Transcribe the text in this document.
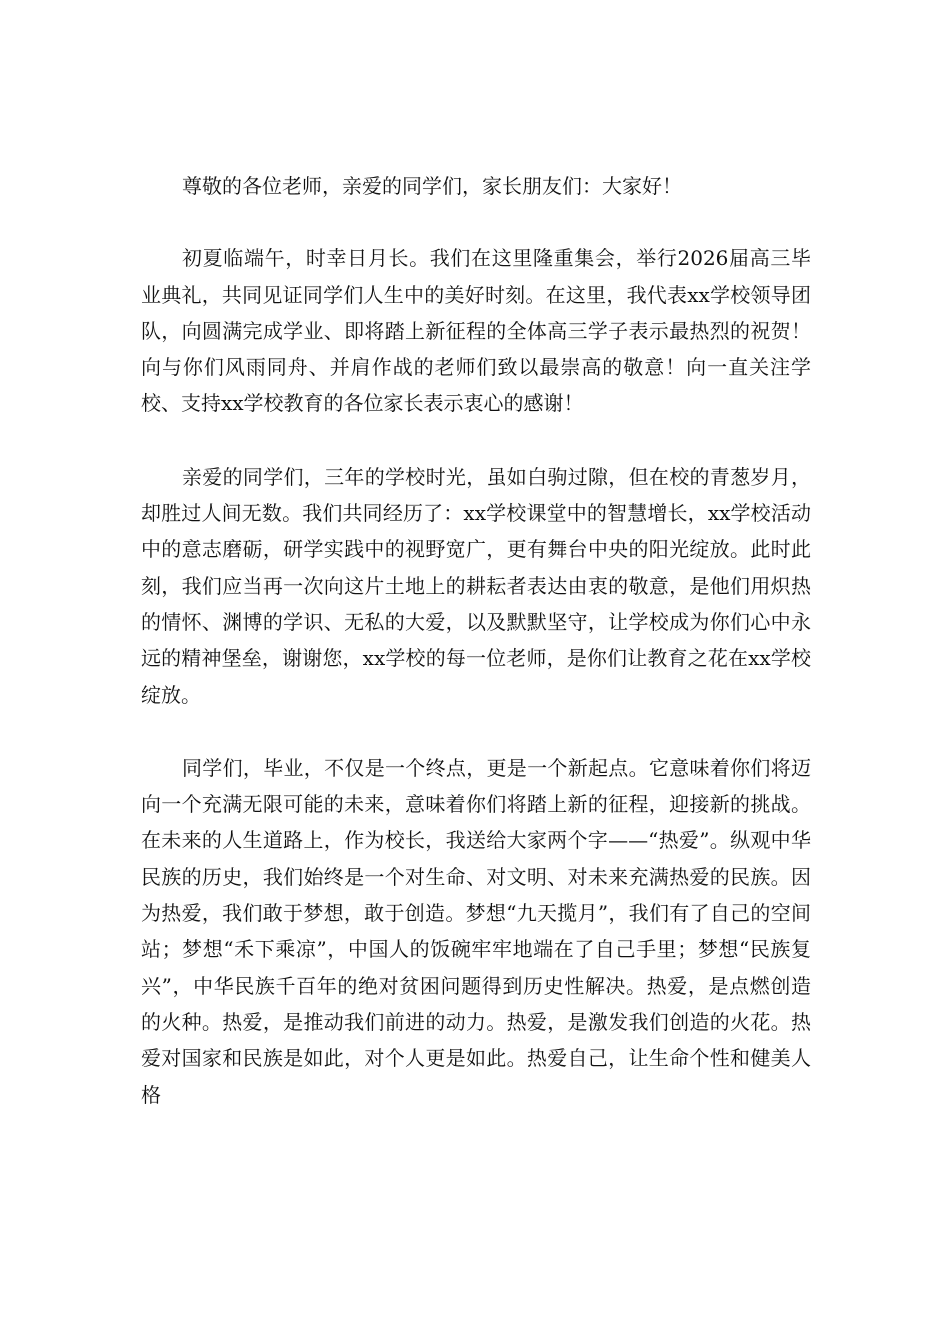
尊敬的各位老师，亲爱的同学们，家长朋友们：大家好！

初夏临端午，时幸日月长。我们在这里隆重集会，举行2026届高三毕业典礼，共同见证同学们人生中的美好时刻。在这里，我代表xx学校领导团队，向圆满完成学业、即将踏上新征程的全体高三学子表示最热烈的祝贺！向与你们风雨同舟、并肩作战的老师们致以最崇高的敬意！向一直关注学校、支持xx学校教育的各位家长表示衷心的感谢！

亲爱的同学们，三年的学校时光，虽如白驹过隙，但在校的青葱岁月，却胜过人间无数。我们共同经历了：xx学校课堂中的智慧增长，xx学校活动中的意志磨砺，研学实践中的视野宽广，更有舞台中央的阳光绽放。此时此刻，我们应当再一次向这片土地上的耕耘者表达由衷的敬意，是他们用炽热的情怀、渊博的学识、无私的大爱，以及默默坚守，让学校成为你们心中永远的精神堡垒，谢谢您，xx学校的每一位老师，是你们让教育之花在xx学校绽放。

同学们，毕业，不仅是一个终点，更是一个新起点。它意味着你们将迈向一个充满无限可能的未来，意味着你们将踏上新的征程，迎接新的挑战。在未来的人生道路上，作为校长，我送给大家两个字——“热爱”。纵观中华民族的历史，我们始终是一个对生命、对文明、对未来充满热爱的民族。因为热爱，我们敢于梦想，敢于创造。梦想“九天揽月”，我们有了自己的空间站；梦想“禾下乘凉”，中国人的饭碗牢牢地端在了自己手里；梦想“民族复兴”，中华民族千百年的绝对贫困问题得到历史性解决。热爱，是点燃创造的火种。热爱，是推动我们前进的动力。热爱，是激发我们创造的火花。热爱对国家和民族是如此，对个人更是如此。热爱自己，让生命个性和健美人格
